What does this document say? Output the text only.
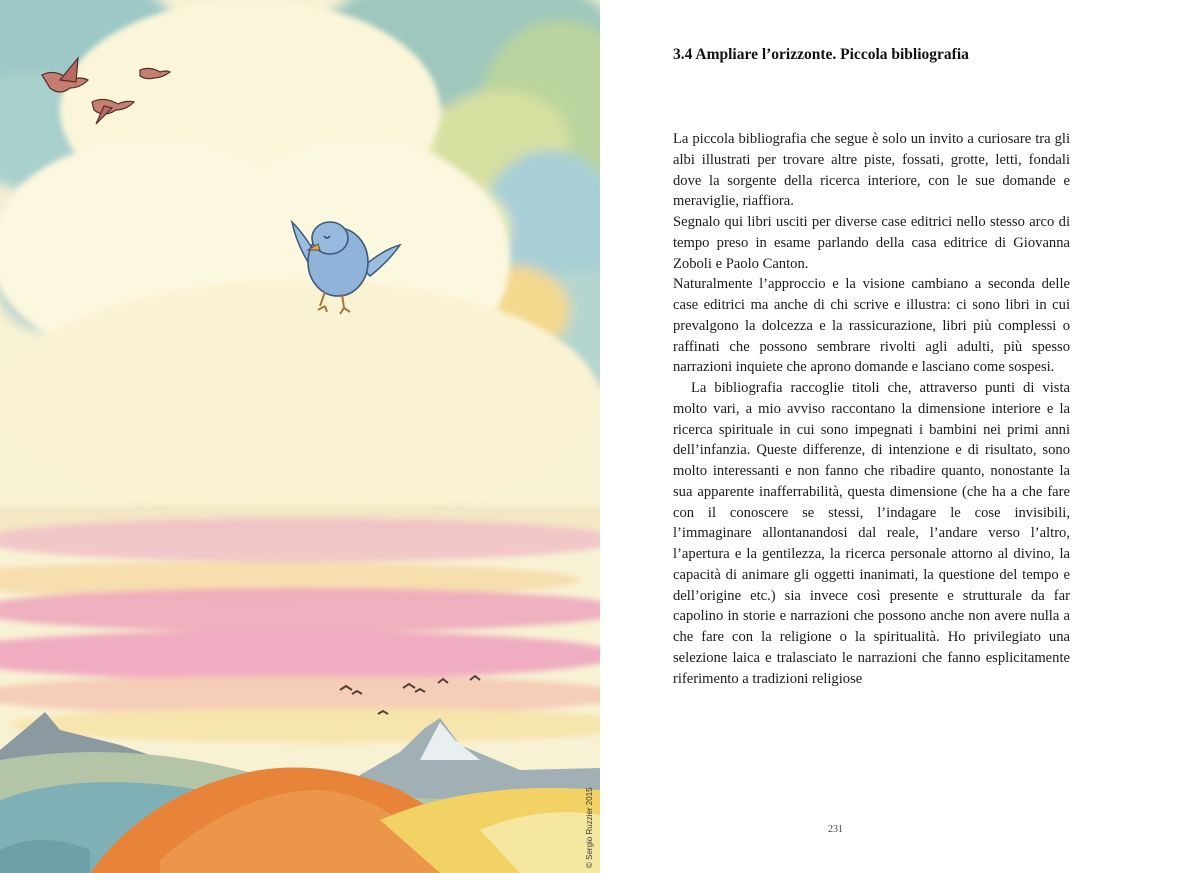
© Sergio Ruzzier 2015
3.4 Ampliare l’orizzonte. Piccola bibliografia

La piccola bibliografia che segue è solo un invito a curiosare tra gli albi illustrati per trovare altre piste, fossati, grotte, letti, fondali dove la sorgente della ricerca interiore, con le sue domande e meraviglie, riaffiora.

Segnalo qui libri usciti per diverse case editrici nello stesso arco di tempo preso in esame parlando della casa editrice di Giovanna Zoboli e Paolo Canton.

Naturalmente l’approccio e la visione cambiano a seconda delle case editrici ma anche di chi scrive e illustra: ci sono libri in cui prevalgono la dolcezza e la rassicurazione, libri più complessi o raffinati che possono sembrare rivolti agli adulti, più spesso narrazioni inquiete che aprono domande e lasciano come sospesi.

La bibliografia raccoglie titoli che, attraverso punti di vista molto vari, a mio avviso raccontano la dimensione interiore e la ricerca spirituale in cui sono impegnati i bambini nei primi anni dell’infanzia. Queste differenze, di intenzione e di risultato, sono molto interessanti e non fanno che ribadire quanto, nonostante la sua apparente inafferrabilità, questa dimensione (che ha a che fare con il conoscere se stessi, l’indagare le cose invisibili, l’immaginare allontanandosi dal reale, l’andare verso l’altro, l’apertura e la gentilezza, la ricerca personale attorno al divino, la capacità di animare gli oggetti inanimati, la questione del tempo e dell’origine etc.) sia invece così presente e strutturale da far capolino in storie e narrazioni che possono anche non avere nulla a che fare con la religione o la spiritualità. Ho privilegiato una selezione laica e tralasciato le narrazioni che fanno esplicitamente riferimento a tradizioni religiose

231
